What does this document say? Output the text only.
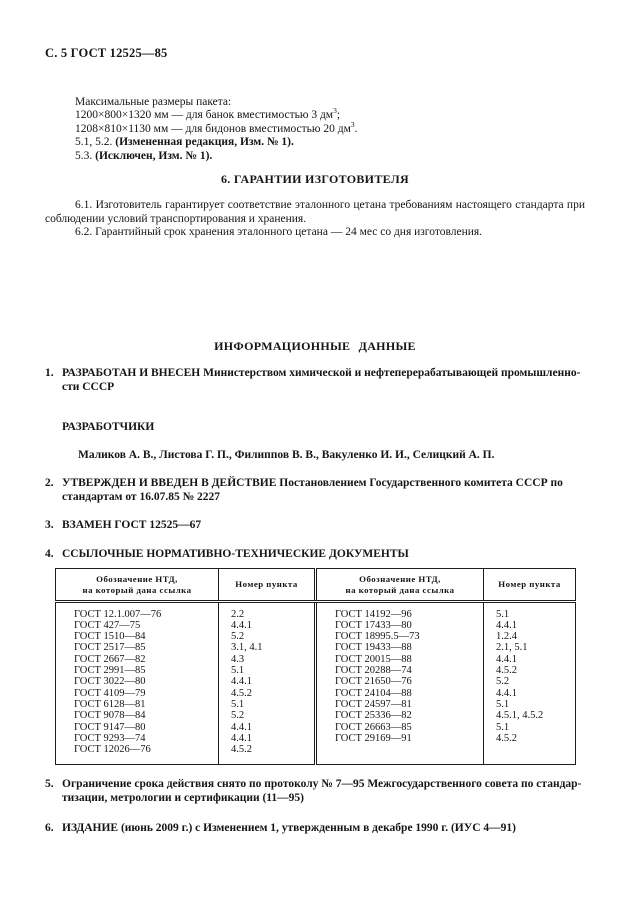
С. 5 ГОСТ 12525—85
Максимальные размеры пакета:
1200×800×1320 мм — для банок вместимостью 3 $дм^3$;
1208×810×1130 мм — для бидонов вместимостью 20 $дм^3$.
5.1, 5.2. (Измененная редакция, Изм. № 1).
5.3. (Исключен, Изм. № 1).
6. ГАРАНТИИ ИЗГОТОВИТЕЛЯ
6.1. Изготовитель гарантирует соответствие эталонного цетана требованиям настоящего стандарта при соблюдении условий транспортирования и хранения.
6.2. Гарантийный срок хранения эталонного цетана — 24 мес со дня изготовления.
ИНФОРМАЦИОННЫЕ ДАННЫЕ
1. РАЗРАБОТАН И ВНЕСЕН Министерством химической и нефтеперерабатывающей промышленно-
сти СССР
РАЗРАБОТЧИКИ
Маликов А. В., Листова Г. П., Филиппов В. В., Вакуленко И. И., Селицкий А. П.
2. УТВЕРЖДЕН И ВВЕДЕН В ДЕЙСТВИЕ Постановлением Государственного комитета СССР по
стандартам от 16.07.85 № 2227
3. ВЗАМЕН ГОСТ 12525—67
4. ССЫЛОЧНЫЕ НОРМАТИВНО-ТЕХНИЧЕСКИЕ ДОКУМЕНТЫ
Обозначение НТД,
на который дана ссылка	Номер пункта	Обозначение НТД,
на который дана ссылка	Номер пункта
ГОСТ 12.1.007—76	2.2	ГОСТ 14192—96	5.1
ГОСТ 427—75	4.4.1	ГОСТ 17433—80	4.4.1
ГОСТ 1510—84	5.2	ГОСТ 18995.5—73	1.2.4
ГОСТ 2517—85	3.1, 4.1	ГОСТ 19433—88	2.1, 5.1
ГОСТ 2667—82	4.3	ГОСТ 20015—88	4.4.1
ГОСТ 2991—85	5.1	ГОСТ 20288—74	4.5.2
ГОСТ 3022—80	4.4.1	ГОСТ 21650—76	5.2
ГОСТ 4109—79	4.5.2	ГОСТ 24104—88	4.4.1
ГОСТ 6128—81	5.1	ГОСТ 24597—81	5.1
ГОСТ 9078—84	5.2	ГОСТ 25336—82	4.5.1, 4.5.2
ГОСТ 9147—80	4.4.1	ГОСТ 26663—85	5.1
ГОСТ 9293—74	4.4.1	ГОСТ 29169—91	4.5.2
ГОСТ 12026—76	4.5.2		
5. Ограничение срока действия снято по протоколу № 7—95 Межгосударственного совета по стандар-
тизации, метрологии и сертификации (11—95)
6. ИЗДАНИЕ (июнь 2009 г.) с Изменением 1, утвержденным в декабре 1990 г. (ИУС 4—91)
